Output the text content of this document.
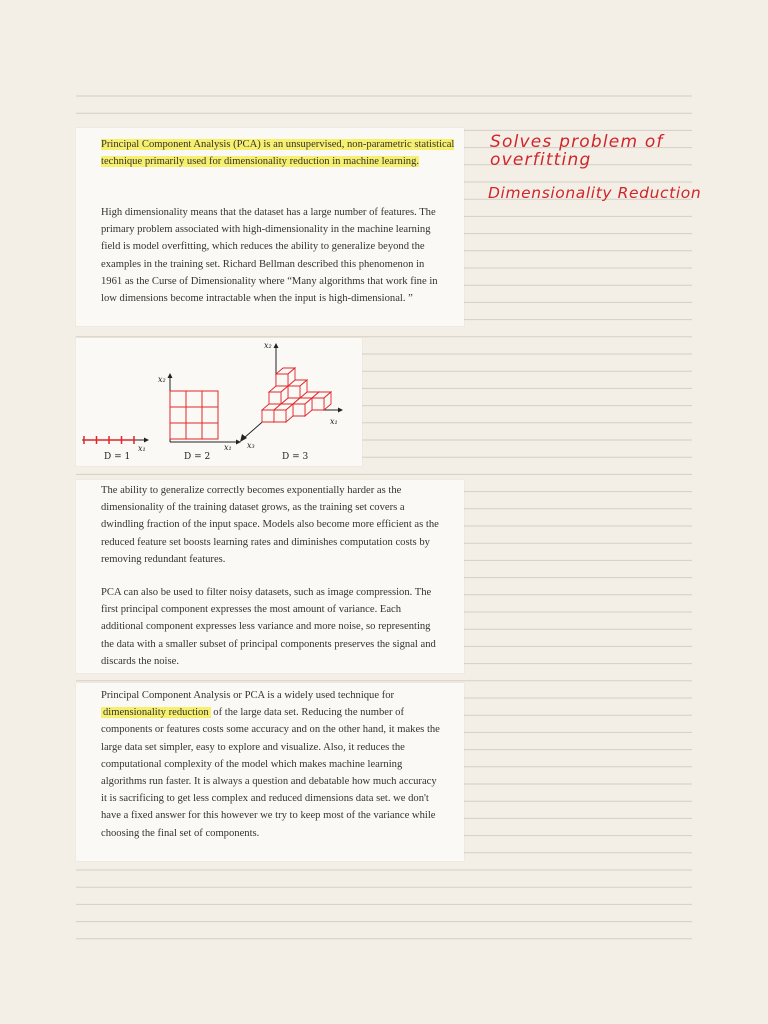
Principal Component Analysis (PCA) is an unsupervised, non-parametric statistical technique primarily used for dimensionality reduction in machine learning.

High dimensionality means that the dataset has a large number of features. The primary problem associated with high-dimensionality in the machine learning field is model overfitting, which reduces the ability to generalize beyond the examples in the training set. Richard Bellman described this phenomenon in 1961 as the Curse of Dimensionality where “Many algorithms that work fine in low dimensions become intractable when the input is high-dimensional. ”

x₁
D = 1
x₂
x₁
D = 2
x₂
x₁
x₃
D = 3

The ability to generalize correctly becomes exponentially harder as the dimensionality of the training dataset grows, as the training set covers a dwindling fraction of the input space. Models also become more efficient as the reduced feature set boosts learning rates and diminishes computation costs by removing redundant features.

PCA can also be used to filter noisy datasets, such as image compression. The first principal component expresses the most amount of variance. Each additional component expresses less variance and more noise, so representing the data with a smaller subset of principal components preserves the signal and discards the noise.

Principal Component Analysis or PCA is a widely used technique for
dimensionality reduction of the large data set. Reducing the number of components or features costs some accuracy and on the other hand, it makes the large data set simpler, easy to explore and visualize. Also, it reduces the computational complexity of the model which makes machine learning algorithms run faster. It is always a question and debatable how much accuracy it is sacrificing to get less complex and reduced dimensions data set. we don't have a fixed answer for this however we try to keep most of the variance while choosing the final set of components.

Solves problem of
overfitting
Dimensionality Reduction
